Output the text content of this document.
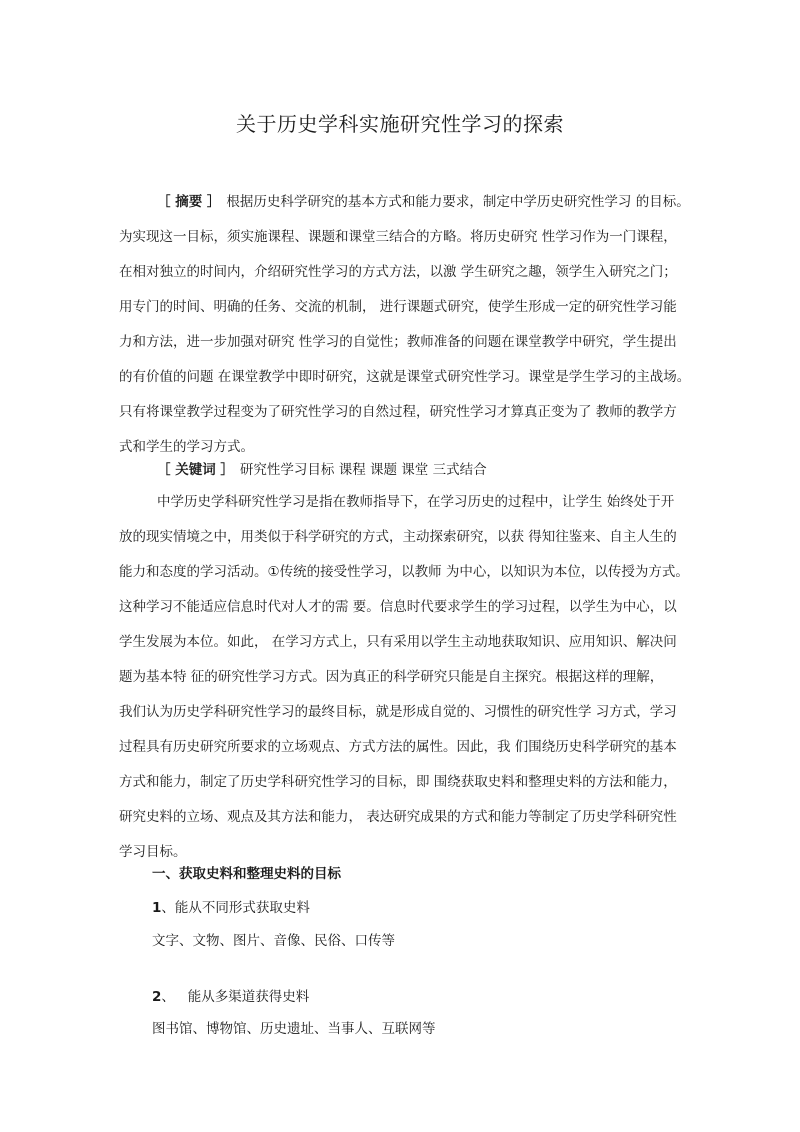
关于历史学科实施研究性学习的探索
［ 摘要 ］ 根据历史科学研究的基本方式和能力要求，制定中学历史研究性学习 的目标。
为实现这一目标，须实施课程、课题和课堂三结合的方略。将历史研究 性学习作为一门课程，
在相对独立的时间内，介绍研究性学习的方式方法，以激 学生研究之趣，领学生入研究之门；
用专门的时间、明确的任务、交流的机制， 进行课题式研究，使学生形成一定的研究性学习能
力和方法，进一步加强对研究 性学习的自觉性；教师准备的问题在课堂教学中研究，学生提出
的有价值的问题 在课堂教学中即时研究，这就是课堂式研究性学习。课堂是学生学习的主战场。
只有将课堂教学过程变为了研究性学习的自然过程，研究性学习才算真正变为了 教师的教学方
式和学生的学习方式。
［ 关键词 ］ 研究性学习目标 课程 课题 课堂 三式结合
中学历史学科研究性学习是指在教师指导下，在学习历史的过程中，让学生 始终处于开
放的现实情境之中，用类似于科学研究的方式，主动探索研究，以获 得知往鉴来、自主人生的
能力和态度的学习活动。①传统的接受性学习，以教师 为中心，以知识为本位，以传授为方式。
这种学习不能适应信息时代对人才的需 要。信息时代要求学生的学习过程，以学生为中心，以
学生发展为本位。如此， 在学习方式上，只有采用以学生主动地获取知识、应用知识、解决问
题为基本特 征的研究性学习方式。因为真正的科学研究只能是自主探究。根据这样的理解，
我们认为历史学科研究性学习的最终目标，就是形成自觉的、习惯性的研究性学 习方式，学习
过程具有历史研究所要求的立场观点、方式方法的属性。因此，我 们围绕历史科学研究的基本
方式和能力，制定了历史学科研究性学习的目标，即 围绕获取史料和整理史料的方法和能力，
研究史料的立场、观点及其方法和能力， 表达研究成果的方式和能力等制定了历史学科研究性
学习目标。
一、获取史料和整理史料的目标
1、能从不同形式获取史料
文字、文物、图片、音像、民俗、口传等
2、   能从多渠道获得史料
图书馆、博物馆、历史遗址、当事人、互联网等
